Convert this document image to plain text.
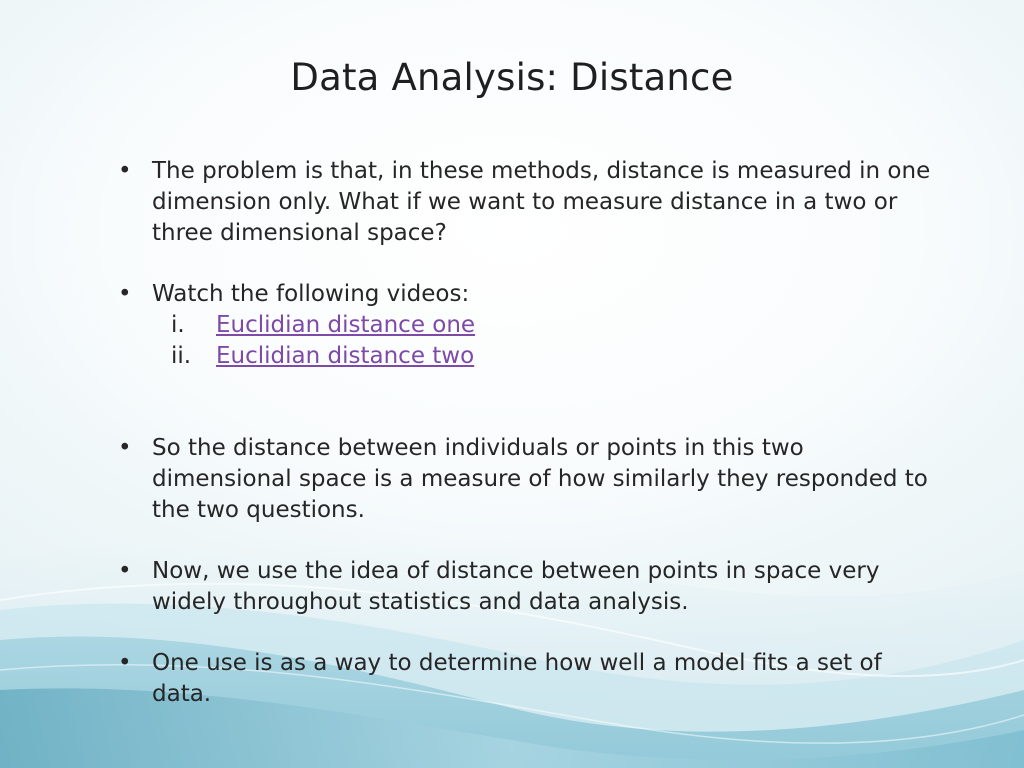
Data Analysis: Distance
• The problem is that, in these methods, distance is measured in one dimension only. What if we want to measure distance in a two or three dimensional space?
• Watch the following videos:
i. Euclidian distance one
ii. Euclidian distance two
• So the distance between individuals or points in this two dimensional space is a measure of how similarly they responded to the two questions.
• Now, we use the idea of distance between points in space very widely throughout statistics and data analysis.
• One use is as a way to determine how well a model fits a set of data.
